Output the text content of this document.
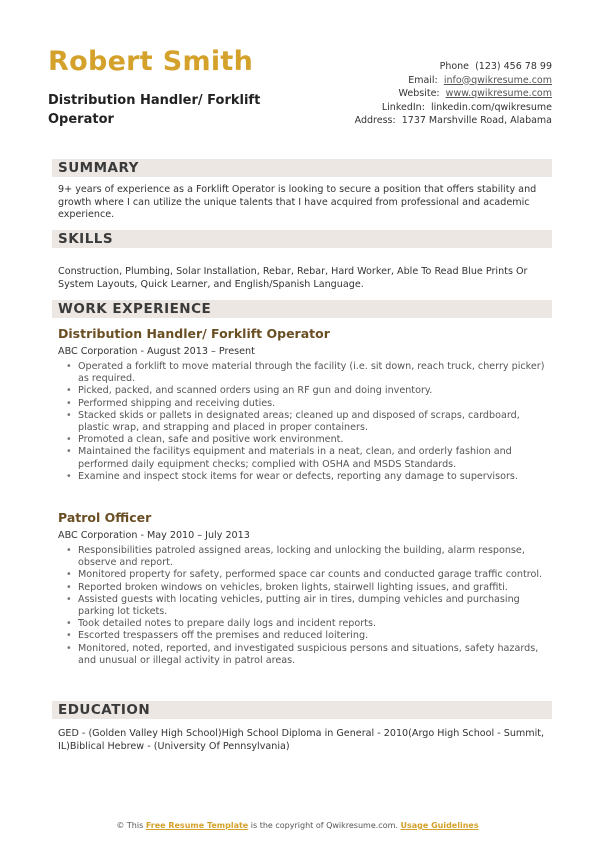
Robert Smith
Distribution Handler/ Forklift Operator
Phone (123) 456 78 99
Email: info@qwikresume.com
Website: www.qwikresume.com
LinkedIn: linkedin.com/qwikresume
Address: 1737 Marshville Road, Alabama
SUMMARY
9+ years of experience as a Forklift Operator is looking to secure a position that offers stability and growth where I can utilize the unique talents that I have acquired from professional and academic experience.
SKILLS
Construction, Plumbing, Solar Installation, Rebar, Rebar, Hard Worker, Able To Read Blue Prints Or System Layouts, Quick Learner, and English/Spanish Language.
WORK EXPERIENCE
Distribution Handler/ Forklift Operator
ABC Corporation - August 2013 – Present
• Operated a forklift to move material through the facility (i.e. sit down, reach truck, cherry picker) as required.
• Picked, packed, and scanned orders using an RF gun and doing inventory.
• Performed shipping and receiving duties.
• Stacked skids or pallets in designated areas; cleaned up and disposed of scraps, cardboard, plastic wrap, and strapping and placed in proper containers.
• Promoted a clean, safe and positive work environment.
• Maintained the facilitys equipment and materials in a neat, clean, and orderly fashion and performed daily equipment checks; complied with OSHA and MSDS Standards.
• Examine and inspect stock items for wear or defects, reporting any damage to supervisors.
Patrol Officer
ABC Corporation - May 2010 – July 2013
• Responsibilities patroled assigned areas, locking and unlocking the building, alarm response, observe and report.
• Monitored property for safety, performed space car counts and conducted garage traffic control.
• Reported broken windows on vehicles, broken lights, stairwell lighting issues, and graffiti.
• Assisted guests with locating vehicles, putting air in tires, dumping vehicles and purchasing parking lot tickets.
• Took detailed notes to prepare daily logs and incident reports.
• Escorted trespassers off the premises and reduced loitering.
• Monitored, noted, reported, and investigated suspicious persons and situations, safety hazards, and unusual or illegal activity in patrol areas.
EDUCATION
GED - (Golden Valley High School)High School Diploma in General - 2010(Argo High School - Summit, IL)Biblical Hebrew - (University Of Pennsylvania)
© This Free Resume Template is the copyright of Qwikresume.com. Usage Guidelines
